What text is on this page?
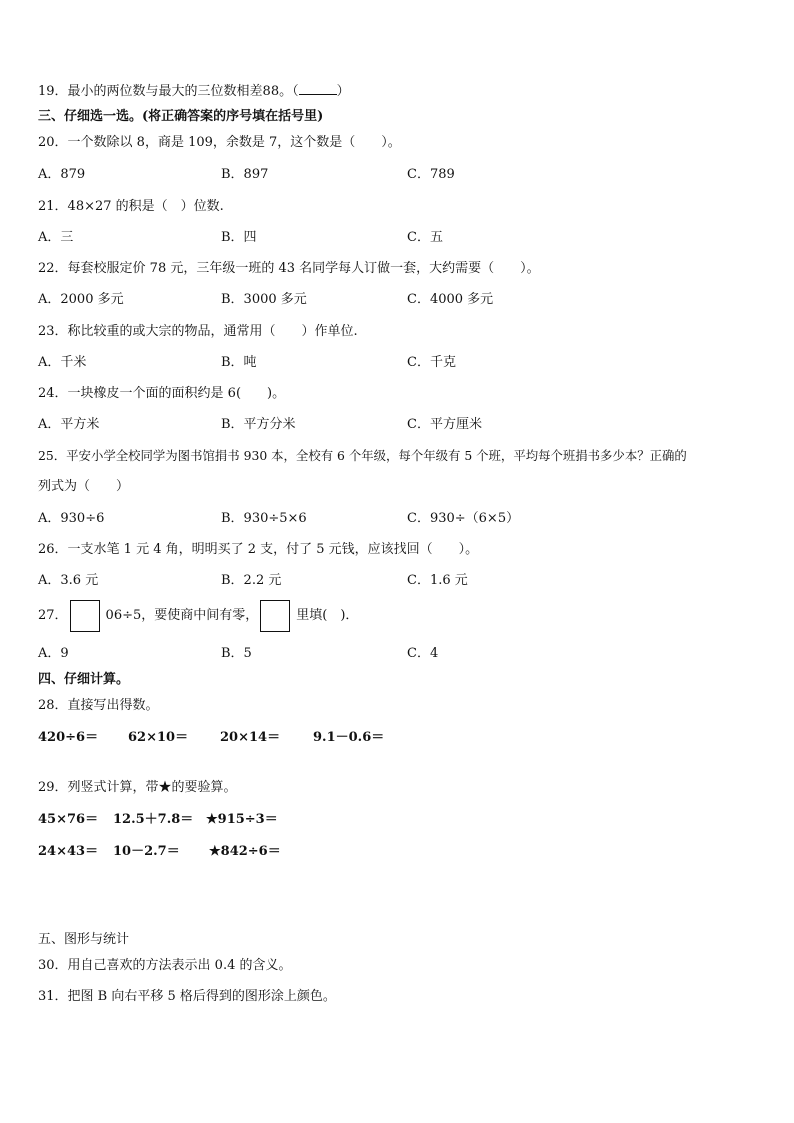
19．最小的两位数与最大的三位数相差88。（	）
三、仔细选一选。(将正确答案的序号填在括号里)
20．一个数除以 8，商是 109，余数是 7，这个数是（　　）。
A．879	B．897	C．789
21．48×27 的积是（　）位数.
A．三	B．四	C．五
22．每套校服定价 78 元，三年级一班的 43 名同学每人订做一套，大约需要（　　）。
A．2000 多元	B．3000 多元	C．4000 多元
23．称比较重的或大宗的物品，通常用（　　）作单位.
A．千米	B．吨	C．千克
24．一块橡皮一个面的面积约是 6(　　)。
A．平方米	B．平方分米	C．平方厘米
25．平安小学全校同学为图书馆捐书 930 本，全校有 6 个年级，每个年级有 5 个班，平均每个班捐书多少本？正确的
列式为（　　）
A．930÷6	B．930÷5×6	C．930÷（6×5）
26．一支水笔 1 元 4 角，明明买了 2 支，付了 5 元钱，应该找回（　　）。
A．3.6 元	B．2.2 元	C．1.6 元
27．	06÷5，要使商中间有零，	里填(　)．
A．9	B．5	C．4
四、仔细计算。
28．直接写出得数。
420÷6＝ 62×10＝ 20×14＝	9.1－0.6＝
29．列竖式计算，带★的要验算。
45×76＝ 12.5＋7.8＝ ★915÷3＝
24×43＝ 10－2.7＝ ★842÷6＝
五、图形与统计
30．用自己喜欢的方法表示出 0.4 的含义。
31．把图 B 向右平移 5 格后得到的图形涂上颜色。
